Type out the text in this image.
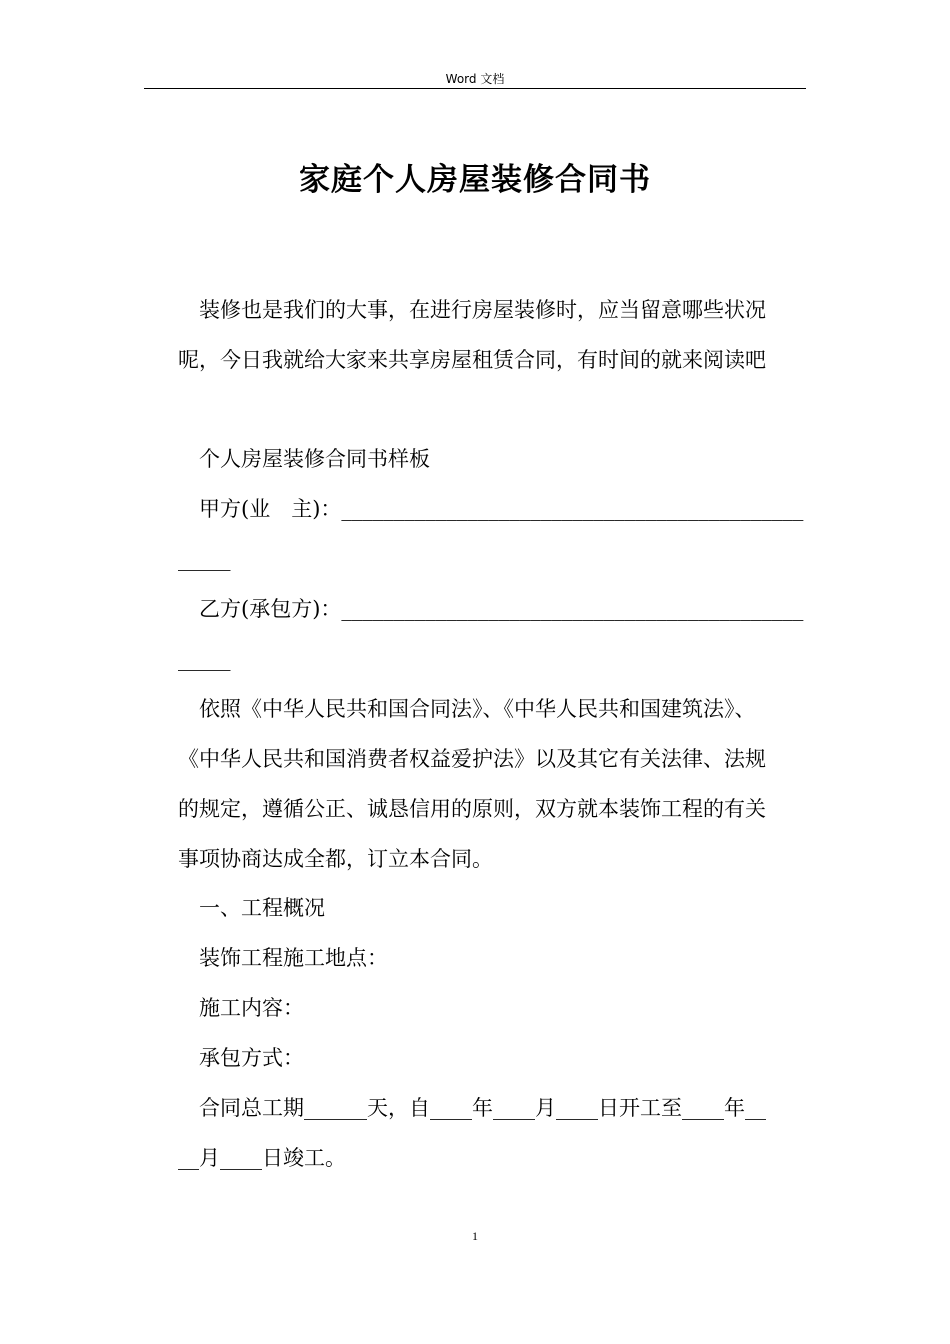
Word 文档
家庭个人房屋装修合同书
装修也是我们的大事，在进行房屋装修时，应当留意哪些状况
呢，今日我就给大家来共享房屋租赁合同，有时间的就来阅读吧
个人房屋装修合同书样板
甲方(业　主)：____________________________________________
_____
乙方(承包方)：____________________________________________
_____
依照《中华人民共和国合同法》、《中华人民共和国建筑法》、
《中华人民共和国消费者权益爱护法》以及其它有关法律、法规
的规定，遵循公正、诚恳信用的原则，双方就本装饰工程的有关
事项协商达成全都，订立本合同。
一、工程概况
装饰工程施工地点：
施工内容：
承包方式：
合同总工期______天，自____年____月____日开工至____年__
__月____日竣工。
1
